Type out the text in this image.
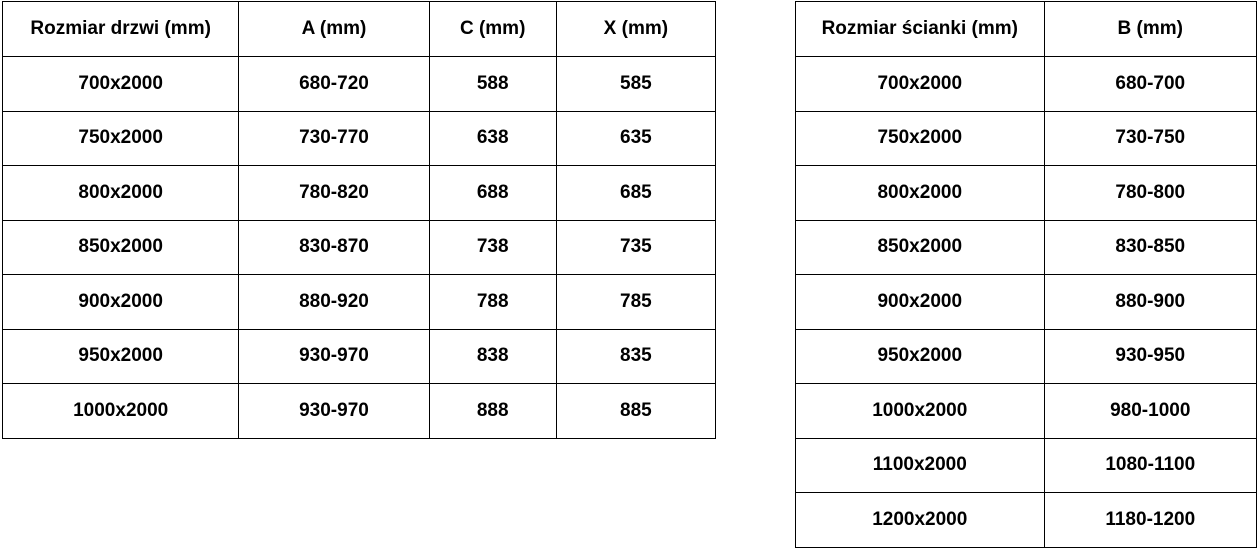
Rozmiar drzwi (mm)	A (mm)	C (mm)	X (mm)
700x2000	680-720	588	585
750x2000	730-770	638	635
800x2000	780-820	688	685
850x2000	830-870	738	735
900x2000	880-920	788	785
950x2000	930-970	838	835
1000x2000	930-970	888	885
Rozmiar ścianki (mm)	B (mm)
700x2000	680-700
750x2000	730-750
800x2000	780-800
850x2000	830-850
900x2000	880-900
950x2000	930-950
1000x2000	980-1000
1100x2000	1080-1100
1200x2000	1180-1200
